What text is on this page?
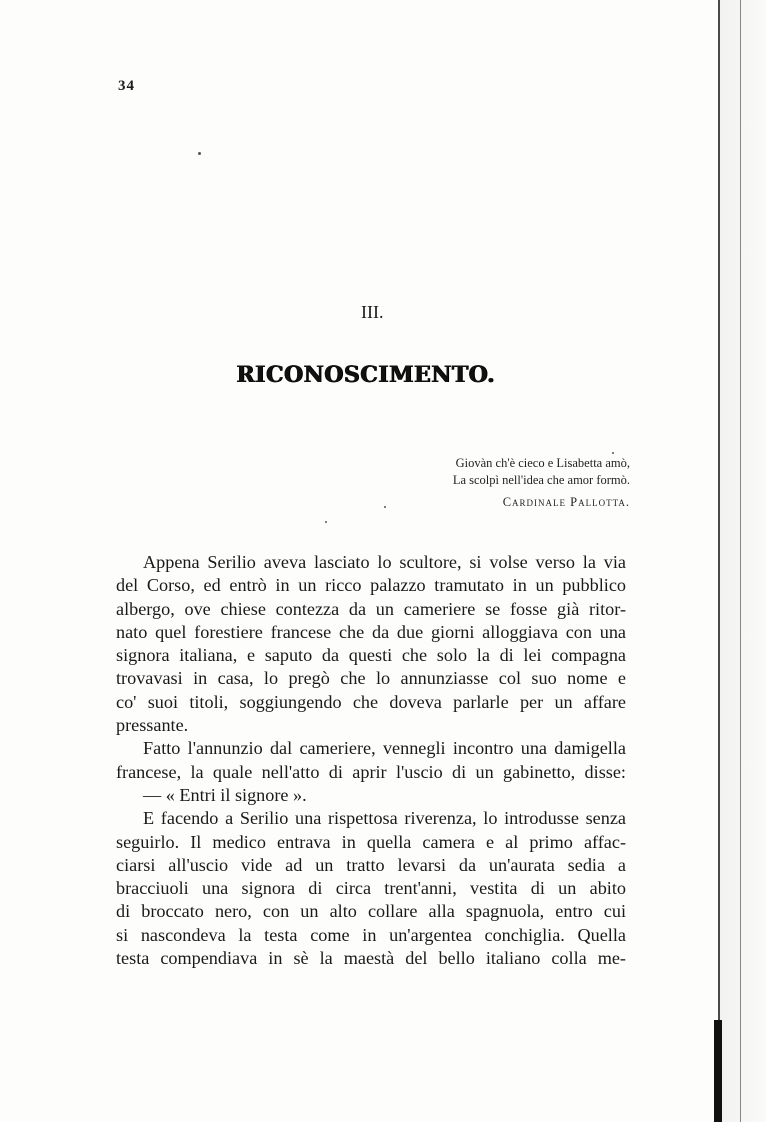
34
III.
RICONOSCIMENTO.
Giovàn ch'è cieco e Lisabetta amò,
La scolpì nell'idea che amor formò.
Cardinale Pallotta.
Appena Serilio aveva lasciato lo scultore, si volse verso la via
del Corso, ed entrò in un ricco palazzo tramutato in un pubblico
albergo, ove chiese contezza da un cameriere se fosse già ritor-
nato quel forestiere francese che da due giorni alloggiava con una
signora italiana, e saputo da questi che solo la di lei compagna
trovavasi in casa, lo pregò che lo annunziasse col suo nome e
co' suoi titoli, soggiungendo che doveva parlarle per un affare
pressante.
Fatto l'annunzio dal cameriere, vennegli incontro una damigella
francese, la quale nell'atto di aprir l'uscio di un gabinetto, disse:
— « Entri il signore ».
E facendo a Serilio una rispettosa riverenza, lo introdusse senza
seguirlo. Il medico entrava in quella camera e al primo affac-
ciarsi all'uscio vide ad un tratto levarsi da un'aurata sedia a
bracciuoli una signora di circa trent'anni, vestita di un abito
di broccato nero, con un alto collare alla spagnuola, entro cui
si nascondeva la testa come in un'argentea conchiglia. Quella
testa compendiava in sè la maestà del bello italiano colla me-
